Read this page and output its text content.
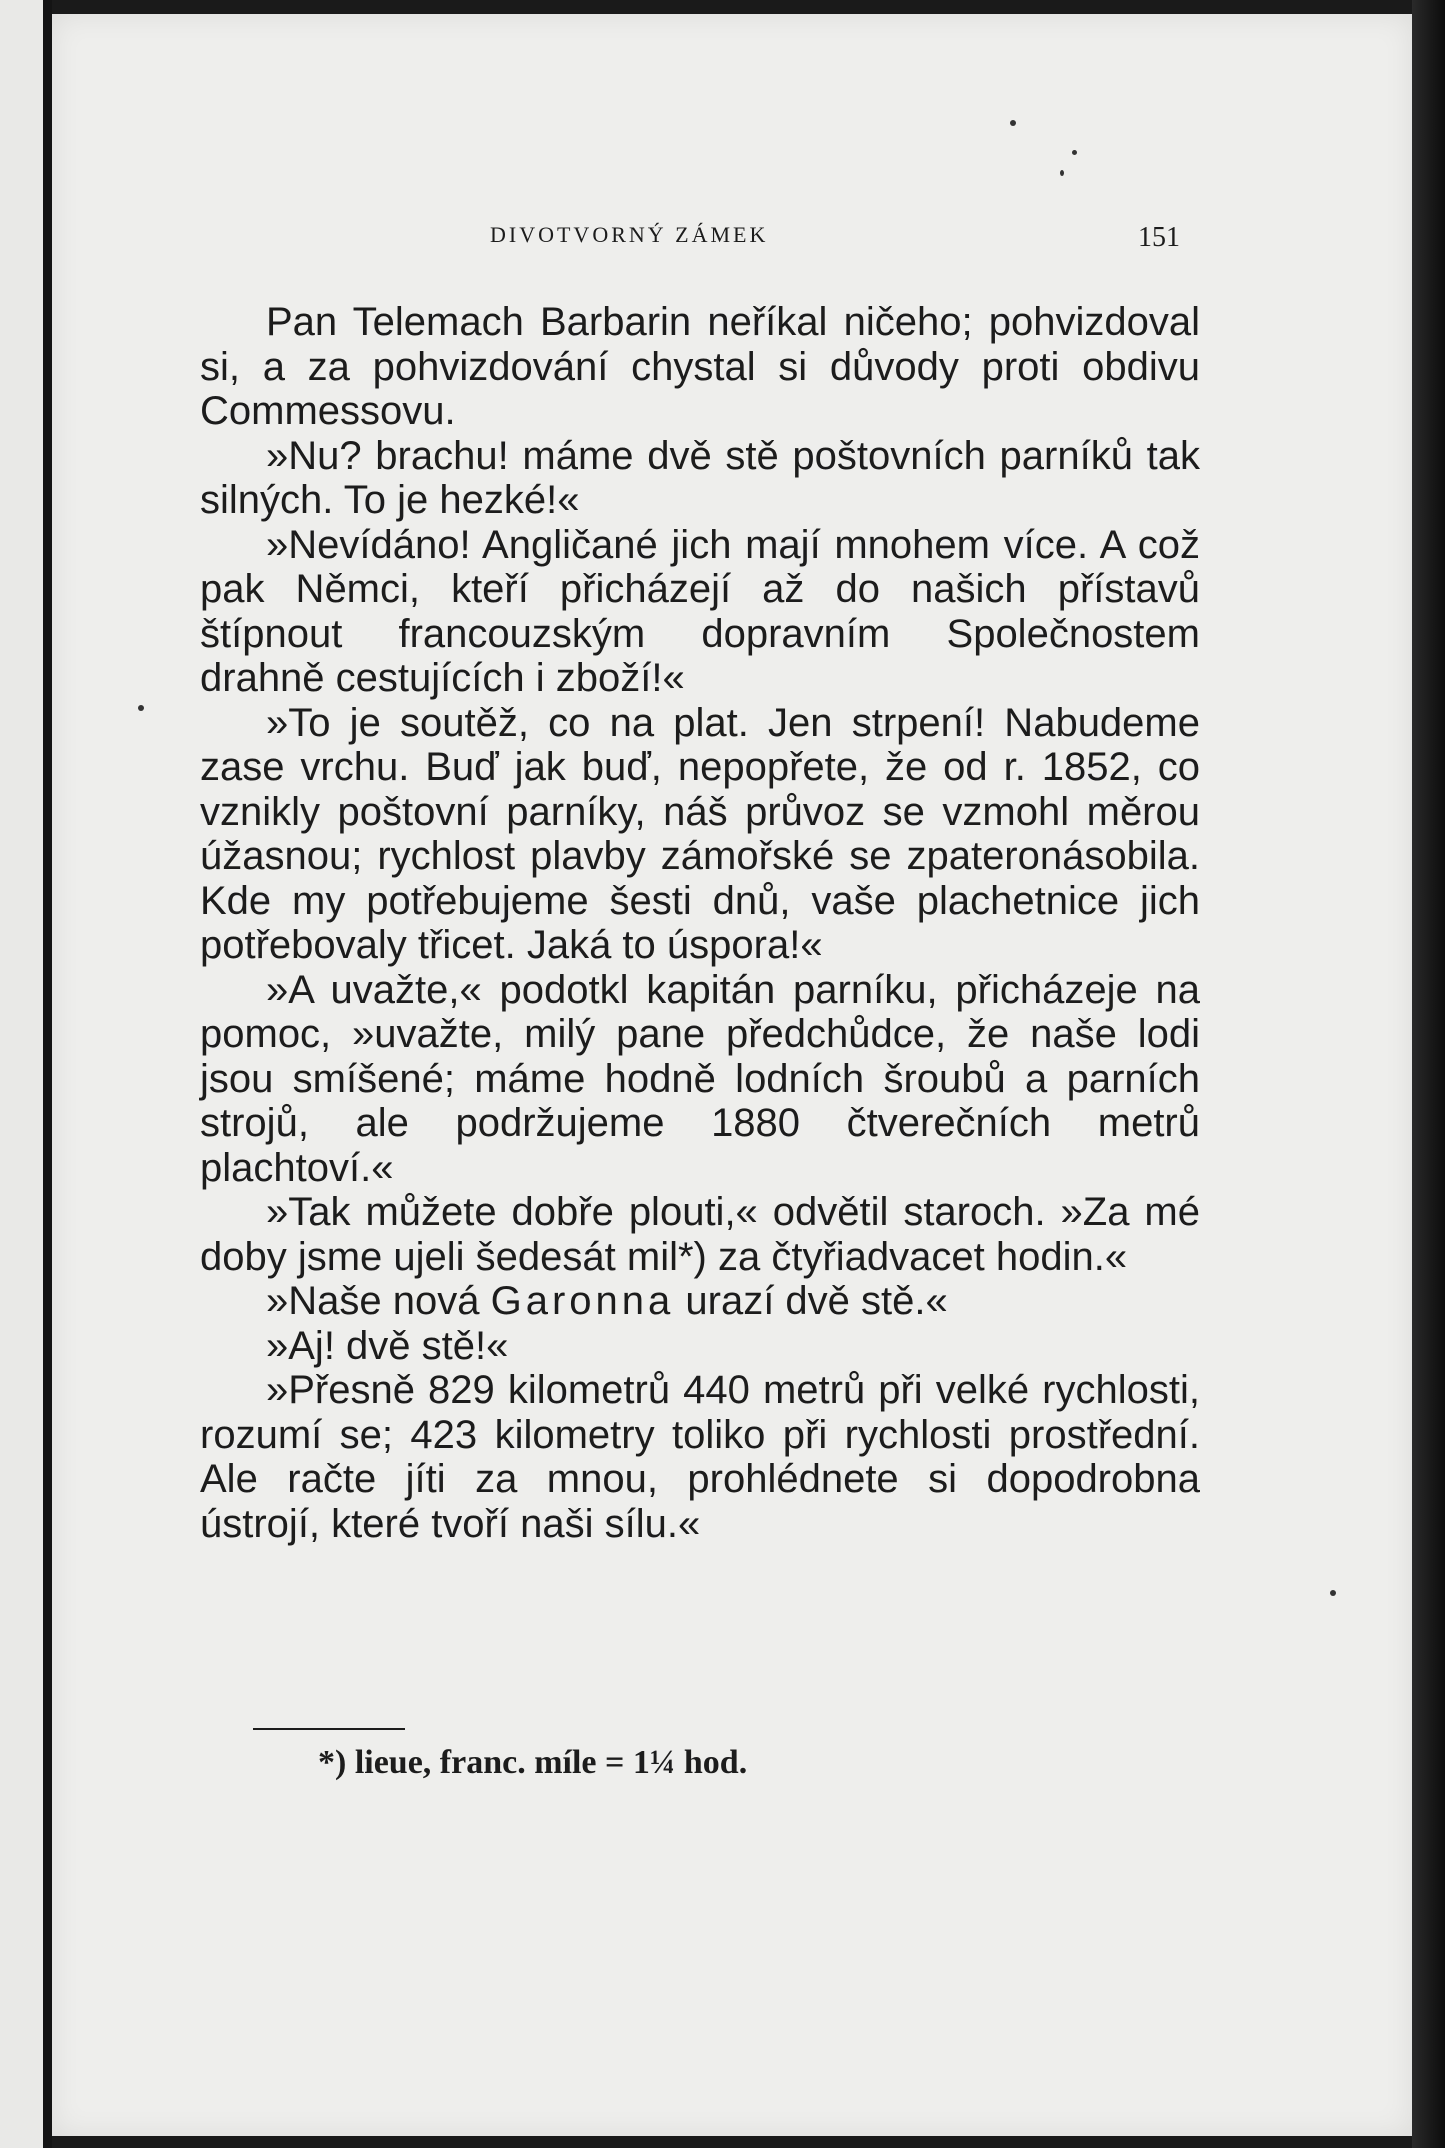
DIVOTVORNÝ ZÁMEK	151

Pan Telemach Barbarin neříkal ničeho; pohvizdoval si, a za pohvizdování chystal si důvody proti obdivu Commessovu.

»Nu? brachu! máme dvě stě poštovních parníků tak silných. To je hezké!«

»Nevídáno! Angličané jich mají mnohem více. A což pak Němci, kteří přicházejí až do našich přístavů štípnout francouzským dopravním Společnostem drahně cestujících i zboží!«

»To je soutěž, co na plat. Jen strpení! Nabudeme zase vrchu. Buď jak buď, nepopřete, že od r. 1852, co vznikly poštovní parníky, náš průvoz se vzmohl měrou úžasnou; rychlost plavby zámořské se zpateronásobila. Kde my potřebujeme šesti dnů, vaše plachetnice jich potřebovaly třicet. Jaká to úspora!«

»A uvažte,« podotkl kapitán parníku, přicházeje na pomoc, »uvažte, milý pane předchůdce, že naše lodi jsou smíšené; máme hodně lodních šroubů a parních strojů, ale podržujeme 1880 čtverečních metrů plachtoví.«

»Tak můžete dobře plouti,« odvětil staroch. »Za mé doby jsme ujeli šedesát mil*) za čtyřiadvacet hodin.«

»Naše nová Garonna urazí dvě stě.«

»Aj! dvě stě!«

»Přesně 829 kilometrů 440 metrů při velké rychlosti, rozumí se; 423 kilometry toliko při rychlosti prostřední. Ale račte jíti za mnou, prohlédnete si dopodrobna ústrojí, které tvoří naši sílu.«

*) lieue, franc. míle = 1¼ hod.
